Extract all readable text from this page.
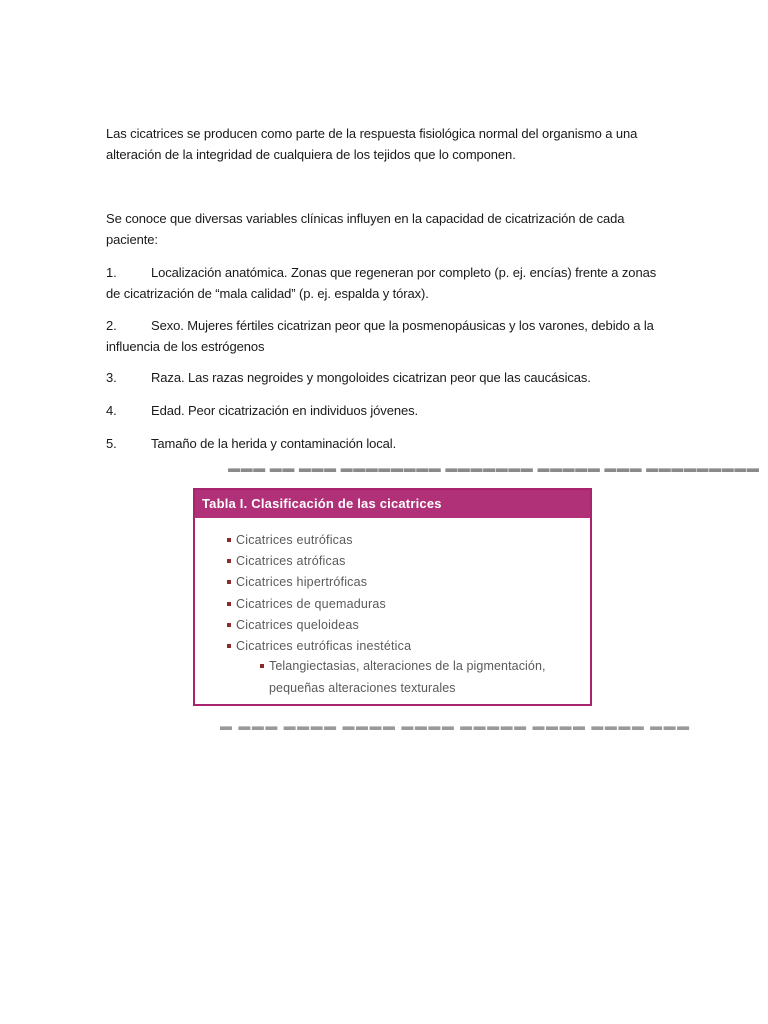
Las cicatrices se producen como parte de la respuesta fisiológica normal del organismo a una alteración de la integridad de cualquiera de los tejidos que lo componen.
Se conoce que diversas variables clínicas influyen en la capacidad de cicatrización de cada paciente:
1.	Localización anatómica. Zonas que regeneran por completo (p. ej. encías) frente a zonas de cicatrización de “mala calidad” (p. ej. espalda y tórax).
2.	Sexo. Mujeres fértiles cicatrizan peor que la posmenopáusicas y los varones, debido a la influencia de los estrógenos
3.	Raza. Las razas negroides y mongoloides cicatrizan peor que las caucásicas.
4.	Edad. Peor cicatrización en individuos jóvenes.
5.	Tamaño de la herida y contaminación local.
▬▬▬ ▬▬ ▬▬▬ ▬▬▬▬▬▬▬▬ ▬▬▬▬▬▬▬ ▬▬▬▬▬ ▬▬▬ ▬▬▬▬▬▬▬▬▬
Tabla I. Clasificación de las cicatrices
Cicatrices eutróficas
Cicatrices atróficas
Cicatrices hipertróficas
Cicatrices de quemaduras
Cicatrices queloideas
Cicatrices eutróficas inestética
Telangiectasias, alteraciones de la pigmentación,
pequeñas alteraciones texturales
▬ ▬▬▬ ▬▬▬▬ ▬▬▬▬ ▬▬▬▬ ▬▬▬▬▬ ▬▬▬▬ ▬▬▬▬ ▬▬▬
